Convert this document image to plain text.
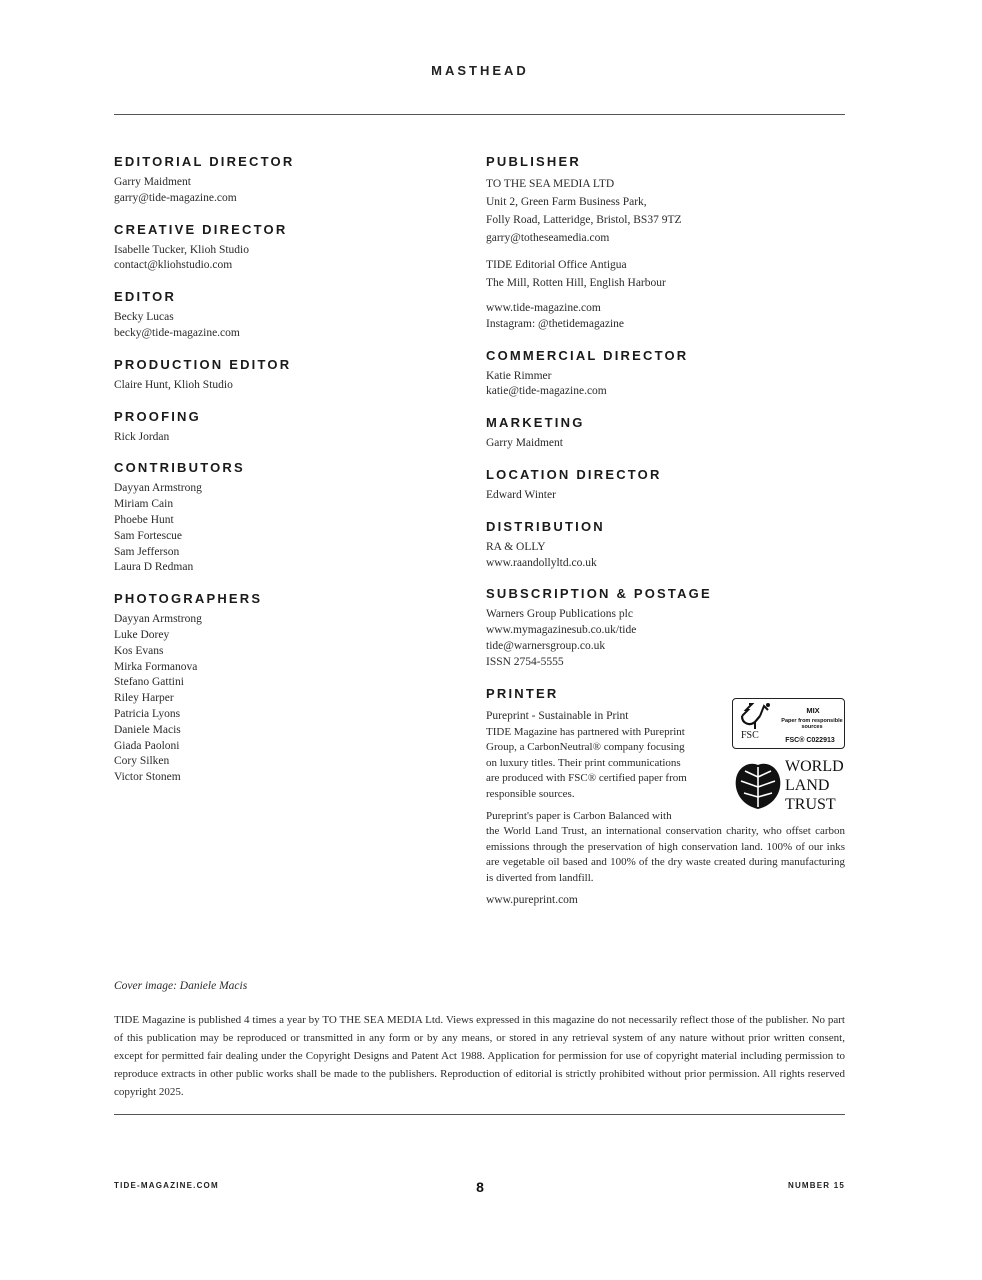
MASTHEAD
EDITORIAL DIRECTOR
Garry Maidment
garry@tide-magazine.com
CREATIVE DIRECTOR
Isabelle Tucker, Klioh Studio
contact@kliohstudio.com
EDITOR
Becky Lucas
becky@tide-magazine.com
PRODUCTION EDITOR
Claire Hunt, Klioh Studio
PROOFING
Rick Jordan
CONTRIBUTORS
Dayyan Armstrong
Miriam Cain
Phoebe Hunt
Sam Fortescue
Sam Jefferson
Laura D Redman
PHOTOGRAPHERS
Dayyan Armstrong
Luke Dorey
Kos Evans
Mirka Formanova
Stefano Gattini
Riley Harper
Patricia Lyons
Daniele Macis
Giada Paoloni
Cory Silken
Victor Stonem
PUBLISHER
TO THE SEA MEDIA LTD
Unit 2, Green Farm Business Park,
Folly Road, Latteridge, Bristol, BS37 9TZ
garry@totheseamedia.com
TIDE Editorial Office Antigua
The Mill, Rotten Hill, English Harbour
www.tide-magazine.com
Instagram: @thetidemagazine
COMMERCIAL DIRECTOR
Katie Rimmer
katie@tide-magazine.com
MARKETING
Garry Maidment
LOCATION DIRECTOR
Edward Winter
DISTRIBUTION
RA & OLLY
www.raandollyltd.co.uk
SUBSCRIPTION & POSTAGE
Warners Group Publications plc
www.mymagazinesub.co.uk/tide
tide@warnersgroup.co.uk
ISSN 2754-5555
PRINTER
Pureprint - Sustainable in Print
TIDE Magazine has partnered with Pureprint
Group, a CarbonNeutral® company focusing
on luxury titles. Their print communications
are produced with FSC® certified paper from
responsible sources.
Pureprint's paper is Carbon Balanced with
the World Land Trust, an international conservation charity, who offset carbon emissions through the preservation of high conservation land. 100% of our inks are vegetable oil based and 100% of the dry waste created during manufacturing is diverted from landfill.
www.pureprint.com
FSC
MIX
Paper from responsible sources
FSC® C022913
WORLD
LAND
TRUST
Cover image: Daniele Macis
TIDE Magazine is published 4 times a year by TO THE SEA MEDIA Ltd. Views expressed in this magazine do not necessarily reflect those of the publisher. No part of this publication may be reproduced or transmitted in any form or by any means, or stored in any retrieval system of any nature without prior written consent, except for permitted fair dealing under the Copyright Designs and Patent Act 1988. Application for permission for use of copyright material including permission to reproduce extracts in other public works shall be made to the publishers. Reproduction of editorial is strictly prohibited without prior permission. All rights reserved copyright 2025.
TIDE-MAGAZINE.COM	8	NUMBER 15
